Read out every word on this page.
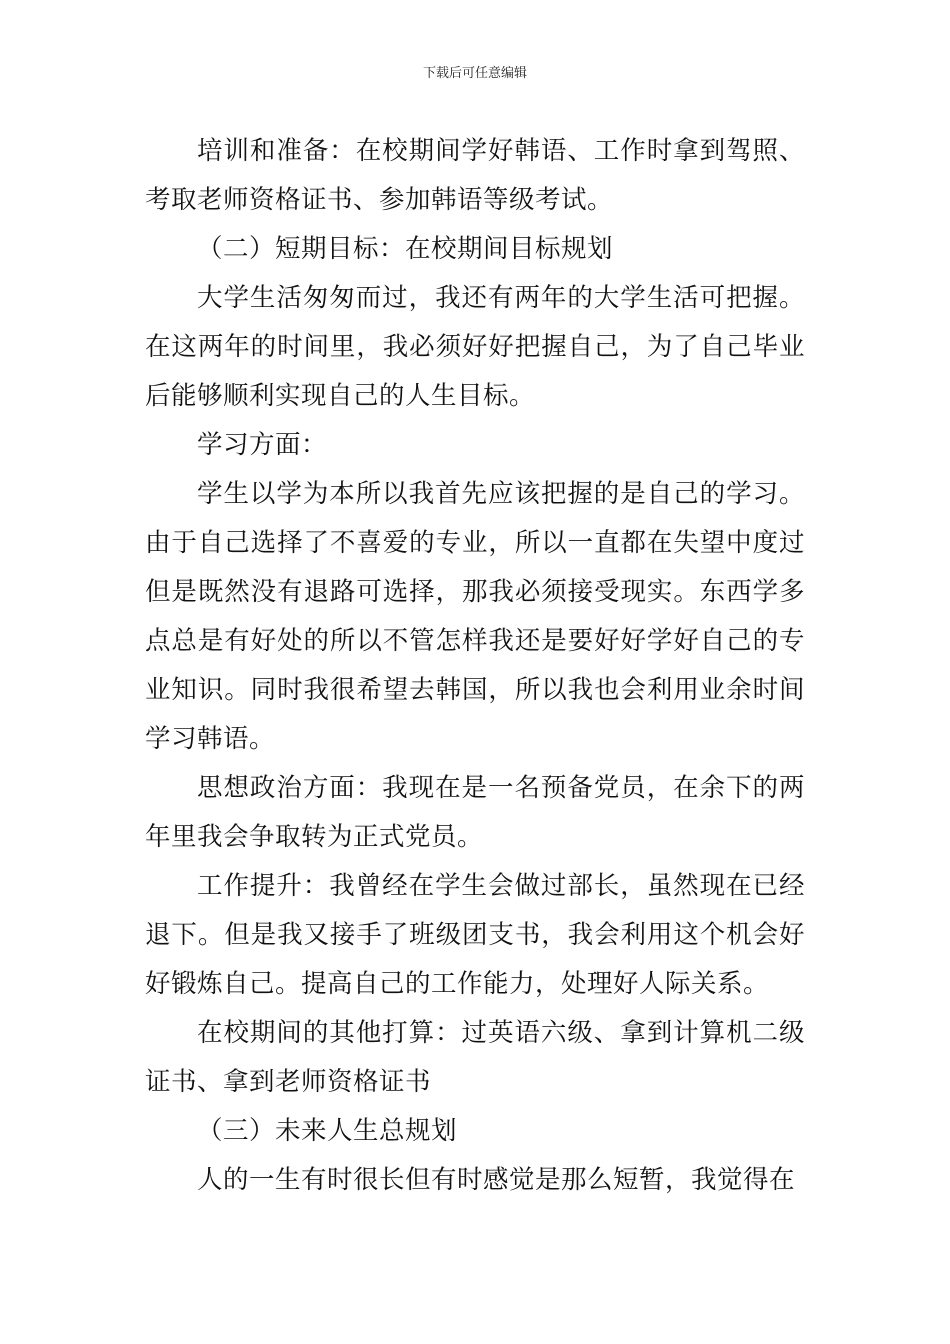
下载后可任意编辑

培训和准备：在校期间学好韩语、工作时拿到驾照、考取老师资格证书、参加韩语等级考试。

（二）短期目标：在校期间目标规划

大学生活匆匆而过，我还有两年的大学生活可把握。在这两年的时间里，我必须好好把握自己，为了自己毕业后能够顺利实现自己的人生目标。

学习方面：

学生以学为本所以我首先应该把握的是自己的学习。由于自己选择了不喜爱的专业，所以一直都在失望中度过但是既然没有退路可选择，那我必须接受现实。东西学多点总是有好处的所以不管怎样我还是要好好学好自己的专业知识。同时我很希望去韩国，所以我也会利用业余时间学习韩语。

思想政治方面：我现在是一名预备党员，在余下的两年里我会争取转为正式党员。

工作提升：我曾经在学生会做过部长，虽然现在已经退下。但是我又接手了班级团支书，我会利用这个机会好好锻炼自己。提高自己的工作能力，处理好人际关系。

在校期间的其他打算：过英语六级、拿到计算机二级证书、拿到老师资格证书

（三）未来人生总规划

人的一生有时很长但有时感觉是那么短暂，我觉得在
